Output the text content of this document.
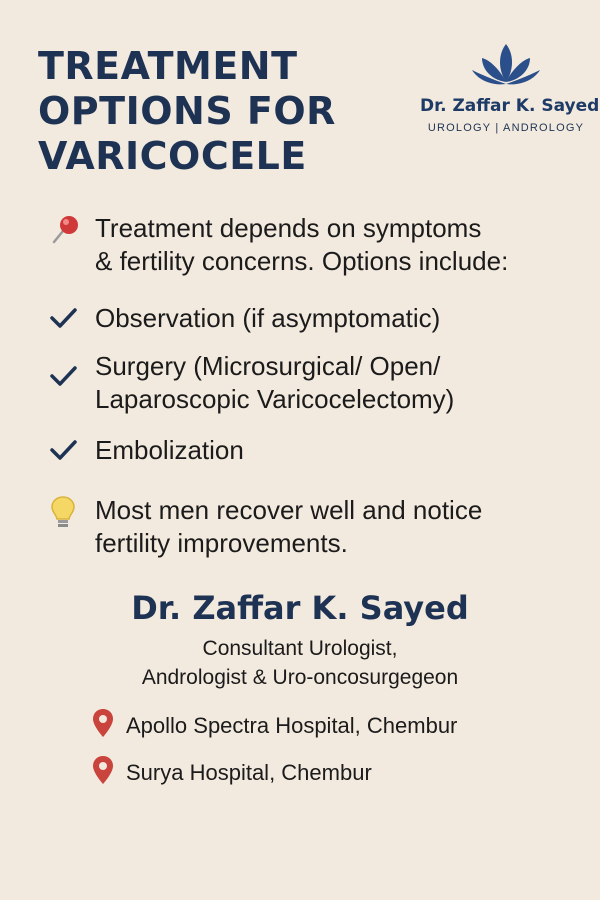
TREATMENT
OPTIONS FOR
VARICOCELE
Dr. Zaffar K. Sayed
UROLOGY | ANDROLOGY
Treatment depends on symptoms
& fertility concerns. Options include:
Observation (if asymptomatic)
Surgery (Microsurgical/ Open/
Laparoscopic Varicocelectomy)
Embolization
Most men recover well and notice
fertility improvements.
Dr. Zaffar K. Sayed
Consultant Urologist,
Andrologist & Uro-oncosurgegeon
Apollo Spectra Hospital, Chembur
Surya Hospital, Chembur
